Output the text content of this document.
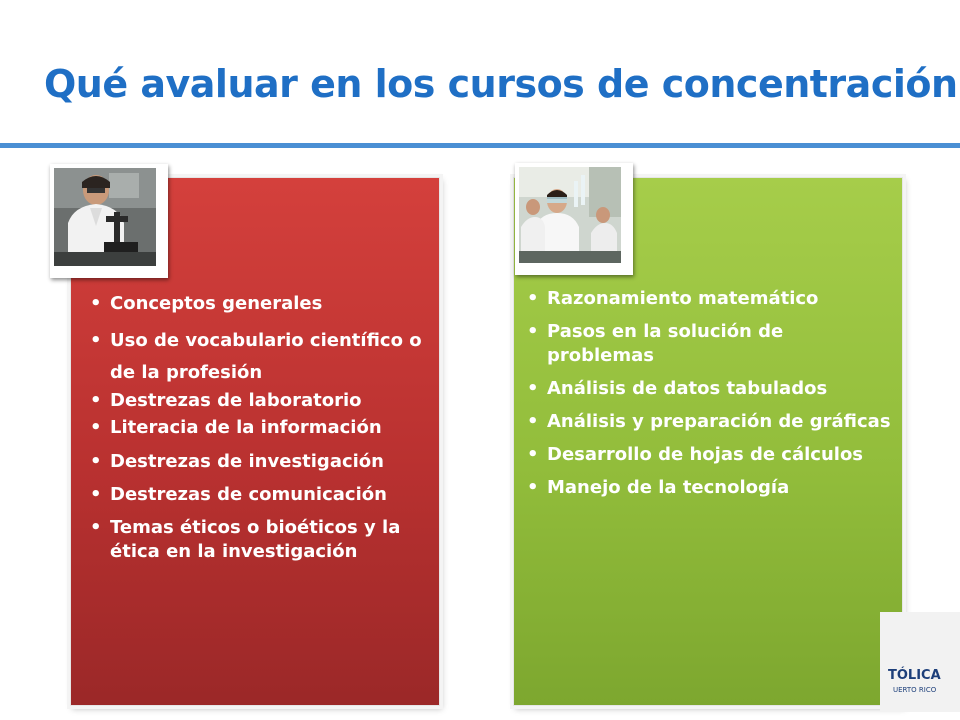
Qué avaluar en los cursos de concentración
• Conceptos generales
• Uso de vocabulario científico o de la profesión
• Destrezas de laboratorio
• Literacia de la información
• Destrezas de investigación
• Destrezas de comunicación
• Temas éticos o bioéticos y la ética en la investigación
• Razonamiento matemático
• Pasos en la solución de problemas
• Análisis de datos tabulados
• Análisis y preparación de gráficas
• Desarrollo de hojas de cálculos
• Manejo de la tecnología
TÓLICA
UERTO RICO
